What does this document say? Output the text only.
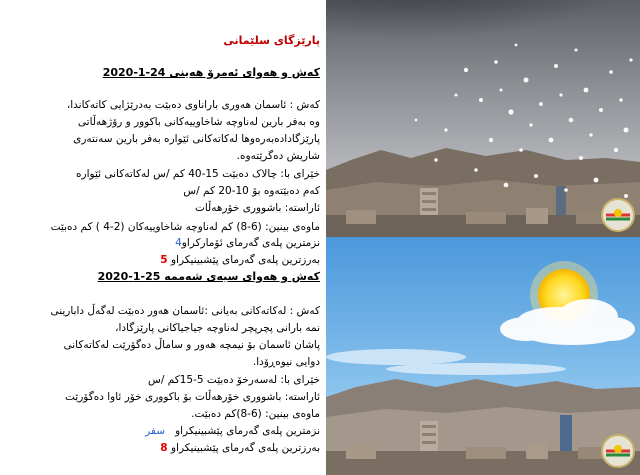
پارێزگای سلێمانی
کەش و هەوای ئەمرۆ هەینی 24-1-2020
کەش : ئاسمان هەوری باراناوی دەبێت بەدرێژایی کاتەکاندا،
وە بەفر بارین لەناوچە شاخاوییەکانی باکوور و رۆژهەڵاتی
پارێزگادادەبەرەوها لەکاتەکانی ئێوارە بەفر بارین سەنتەری
شاریش دەگرێتەوە.
خێرای با: چالاک دەبێت 15-40 کم /س لەکاتەکانی ئێوارە
کەم دەبێتەوە بۆ 10-20 کم /س
ئاراستە: باشووری خۆرهەڵات
ماوەی بینین: (6-8) کم لەناوچە شاخاوییەکان (2-4 ) کم دەبێت
نزمترین پلەی گەرمای ئۆماركراو4
بەرزترین پلەی گەرمای پێشبینیکراو 5
کەش و هەوای سیەی شەممە 25-1-2020
کەش : لەکاتەکانی بەیانی :ئاسمان هەور دەبێت لەگەڵ دابارینی
نمە بارانی پچرپچر لەناوچە جیاجیاکانی پارێزگادا،
پاشان ئاسمان بۆ نیمچە هەور و ساماڵ دەگۆرێت لەکاتەکانی
دوایی نیوەڕۆدا.
خێرای با: لەسەرخۆ دەبێت 5-15کم /س
ئاراستە: باشووری خۆرهەڵات بۆ باکووری خۆر ئاوا دەگۆرێت
ماوەی بینین: (6-8)کم دەبێت.
نزمترین پلەی گەرمای پێشبینیکراو   سفر
بەرزترین پلەی گەرمای پێشبینیکراو 8
